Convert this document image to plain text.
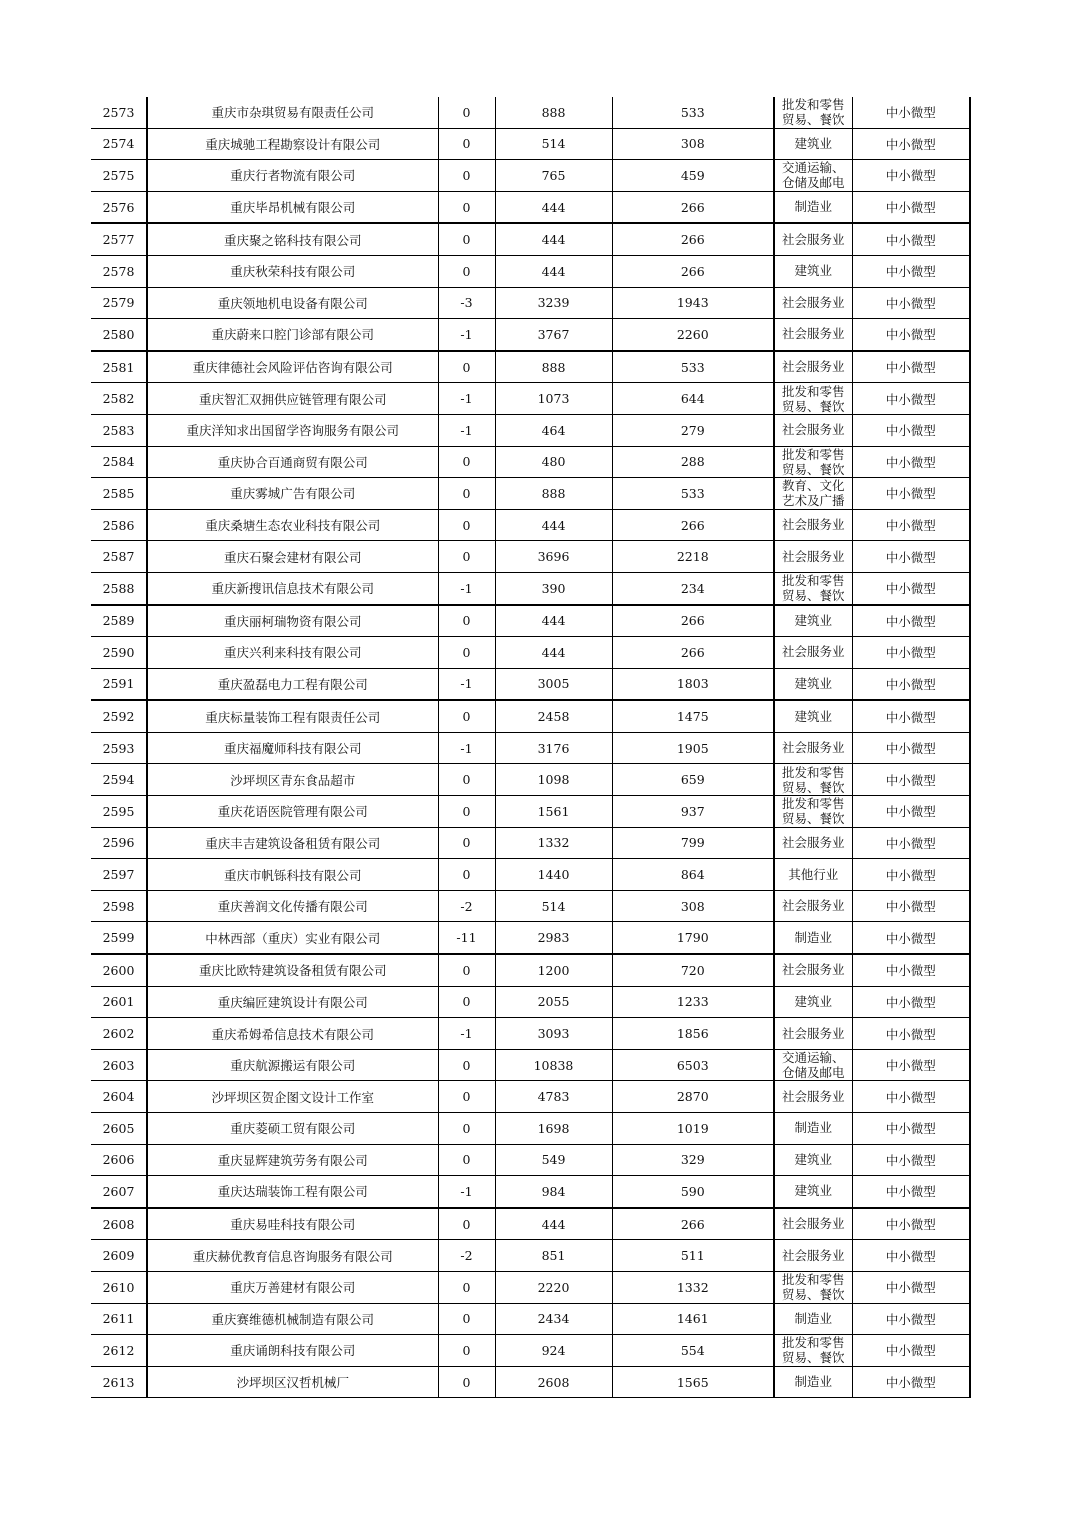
2573	重庆市杂琪贸易有限责任公司	0	888	533	批发和零售贸易、餐饮	中小微型
2574	重庆城驰工程勘察设计有限公司	0	514	308	建筑业	中小微型
2575	重庆行者物流有限公司	0	765	459	交通运输、仓储及邮电	中小微型
2576	重庆毕昂机械有限公司	0	444	266	制造业	中小微型
2577	重庆聚之铭科技有限公司	0	444	266	社会服务业	中小微型
2578	重庆秋荣科技有限公司	0	444	266	建筑业	中小微型
2579	重庆领地机电设备有限公司	-3	3239	1943	社会服务业	中小微型
2580	重庆蔚来口腔门诊部有限公司	-1	3767	2260	社会服务业	中小微型
2581	重庆律德社会风险评估咨询有限公司	0	888	533	社会服务业	中小微型
2582	重庆智汇双拥供应链管理有限公司	-1	1073	644	批发和零售贸易、餐饮	中小微型
2583	重庆洋知求出国留学咨询服务有限公司	-1	464	279	社会服务业	中小微型
2584	重庆协合百通商贸有限公司	0	480	288	批发和零售贸易、餐饮	中小微型
2585	重庆雾城广告有限公司	0	888	533	教育、文化艺术及广播	中小微型
2586	重庆桑塘生态农业科技有限公司	0	444	266	社会服务业	中小微型
2587	重庆石聚会建材有限公司	0	3696	2218	社会服务业	中小微型
2588	重庆新搜讯信息技术有限公司	-1	390	234	批发和零售贸易、餐饮	中小微型
2589	重庆丽柯瑞物资有限公司	0	444	266	建筑业	中小微型
2590	重庆兴利来科技有限公司	0	444	266	社会服务业	中小微型
2591	重庆盈磊电力工程有限公司	-1	3005	1803	建筑业	中小微型
2592	重庆标量装饰工程有限责任公司	0	2458	1475	建筑业	中小微型
2593	重庆福魔师科技有限公司	-1	3176	1905	社会服务业	中小微型
2594	沙坪坝区青东食品超市	0	1098	659	批发和零售贸易、餐饮	中小微型
2595	重庆花语医院管理有限公司	0	1561	937	批发和零售贸易、餐饮	中小微型
2596	重庆丰吉建筑设备租赁有限公司	0	1332	799	社会服务业	中小微型
2597	重庆市帆铄科技有限公司	0	1440	864	其他行业	中小微型
2598	重庆善润文化传播有限公司	-2	514	308	社会服务业	中小微型
2599	中林西部（重庆）实业有限公司	-11	2983	1790	制造业	中小微型
2600	重庆比欧特建筑设备租赁有限公司	0	1200	720	社会服务业	中小微型
2601	重庆编匠建筑设计有限公司	0	2055	1233	建筑业	中小微型
2602	重庆希姆希信息技术有限公司	-1	3093	1856	社会服务业	中小微型
2603	重庆航源搬运有限公司	0	10838	6503	交通运输、仓储及邮电	中小微型
2604	沙坪坝区贺企图文设计工作室	0	4783	2870	社会服务业	中小微型
2605	重庆菱硕工贸有限公司	0	1698	1019	制造业	中小微型
2606	重庆显辉建筑劳务有限公司	0	549	329	建筑业	中小微型
2607	重庆达瑞装饰工程有限公司	-1	984	590	建筑业	中小微型
2608	重庆易哇科技有限公司	0	444	266	社会服务业	中小微型
2609	重庆赫优教育信息咨询服务有限公司	-2	851	511	社会服务业	中小微型
2610	重庆万善建材有限公司	0	2220	1332	批发和零售贸易、餐饮	中小微型
2611	重庆赛维德机械制造有限公司	0	2434	1461	制造业	中小微型
2612	重庆诵朗科技有限公司	0	924	554	批发和零售贸易、餐饮	中小微型
2613	沙坪坝区汉哲机械厂	0	2608	1565	制造业	中小微型
